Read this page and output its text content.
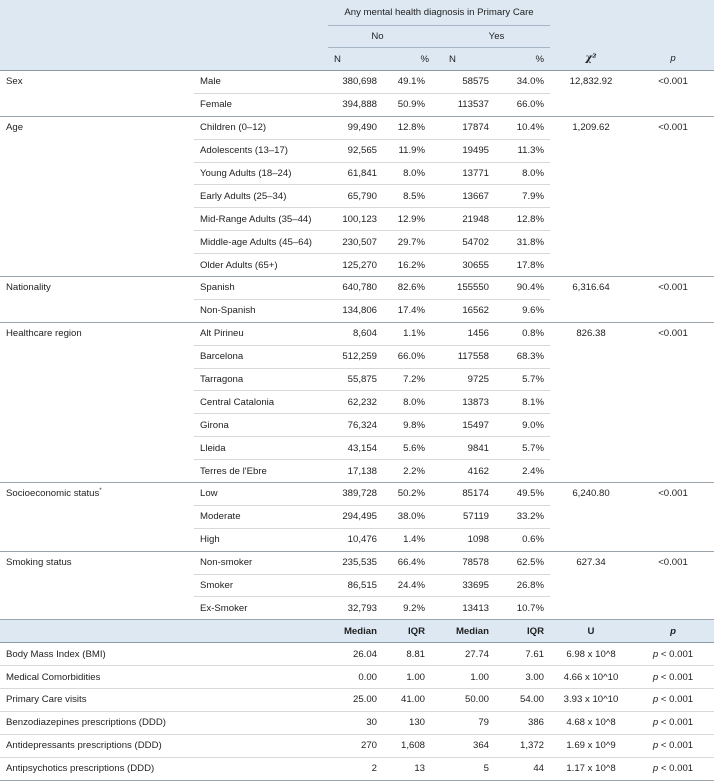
		Any mental health diagnosis in Primary Care					
		No		Yes			
		N	%	N	%	χ²	p
Sex	Male	380,698	49.1%	58575	34.0%	12,832.92	<0.001
	Female	394,888	50.9%	113537	66.0%		
Age	Children (0–12)	99,490	12.8%	17874	10.4%	1,209.62	<0.001
	Adolescents (13–17)	92,565	11.9%	19495	11.3%		
	Young Adults (18–24)	61,841	8.0%	13771	8.0%		
	Early Adults (25–34)	65,790	8.5%	13667	7.9%		
	Mid-Range Adults (35–44)	100,123	12.9%	21948	12.8%		
	Middle-age Adults (45–64)	230,507	29.7%	54702	31.8%		
	Older Adults (65+)	125,270	16.2%	30655	17.8%		
Nationality	Spanish	640,780	82.6%	155550	90.4%	6,316.64	<0.001
	Non-Spanish	134,806	17.4%	16562	9.6%		
Healthcare region	Alt Pirineu	8,604	1.1%	1456	0.8%	826.38	<0.001
	Barcelona	512,259	66.0%	117558	68.3%		
	Tarragona	55,875	7.2%	9725	5.7%		
	Central Catalonia	62,232	8.0%	13873	8.1%		
	Girona	76,324	9.8%	15497	9.0%		
	Lleida	43,154	5.6%	9841	5.7%		
	Terres de l'Ebre	17,138	2.2%	4162	2.4%		
Socioeconomic status*	Low	389,728	50.2%	85174	49.5%	6,240.80	<0.001
	Moderate	294,495	38.0%	57119	33.2%		
	High	10,476	1.4%	1098	0.6%		
Smoking status	Non-smoker	235,535	66.4%	78578	62.5%	627.34	<0.001
	Smoker	86,515	24.4%	33695	26.8%		
	Ex-Smoker	32,793	9.2%	13413	10.7%		
		Median	IQR	Median	IQR	U	p
Body Mass Index (BMI)		26.04	8.81	27.74	7.61	6.98 x 10^8	p < 0.001
Medical Comorbidities		0.00	1.00	1.00	3.00	4.66 x 10^10	p < 0.001
Primary Care visits		25.00	41.00	50.00	54.00	3.93 x 10^10	p < 0.001
Benzodiazepines prescriptions (DDD)		30	130	79	386	4.68 x 10^8	p < 0.001
Antidepressants prescriptions (DDD)		270	1,608	364	1,372	1.69 x 10^9	p < 0.001
Antipsychotics prescriptions (DDD)		2	13	5	44	1.17 x 10^8	p < 0.001
